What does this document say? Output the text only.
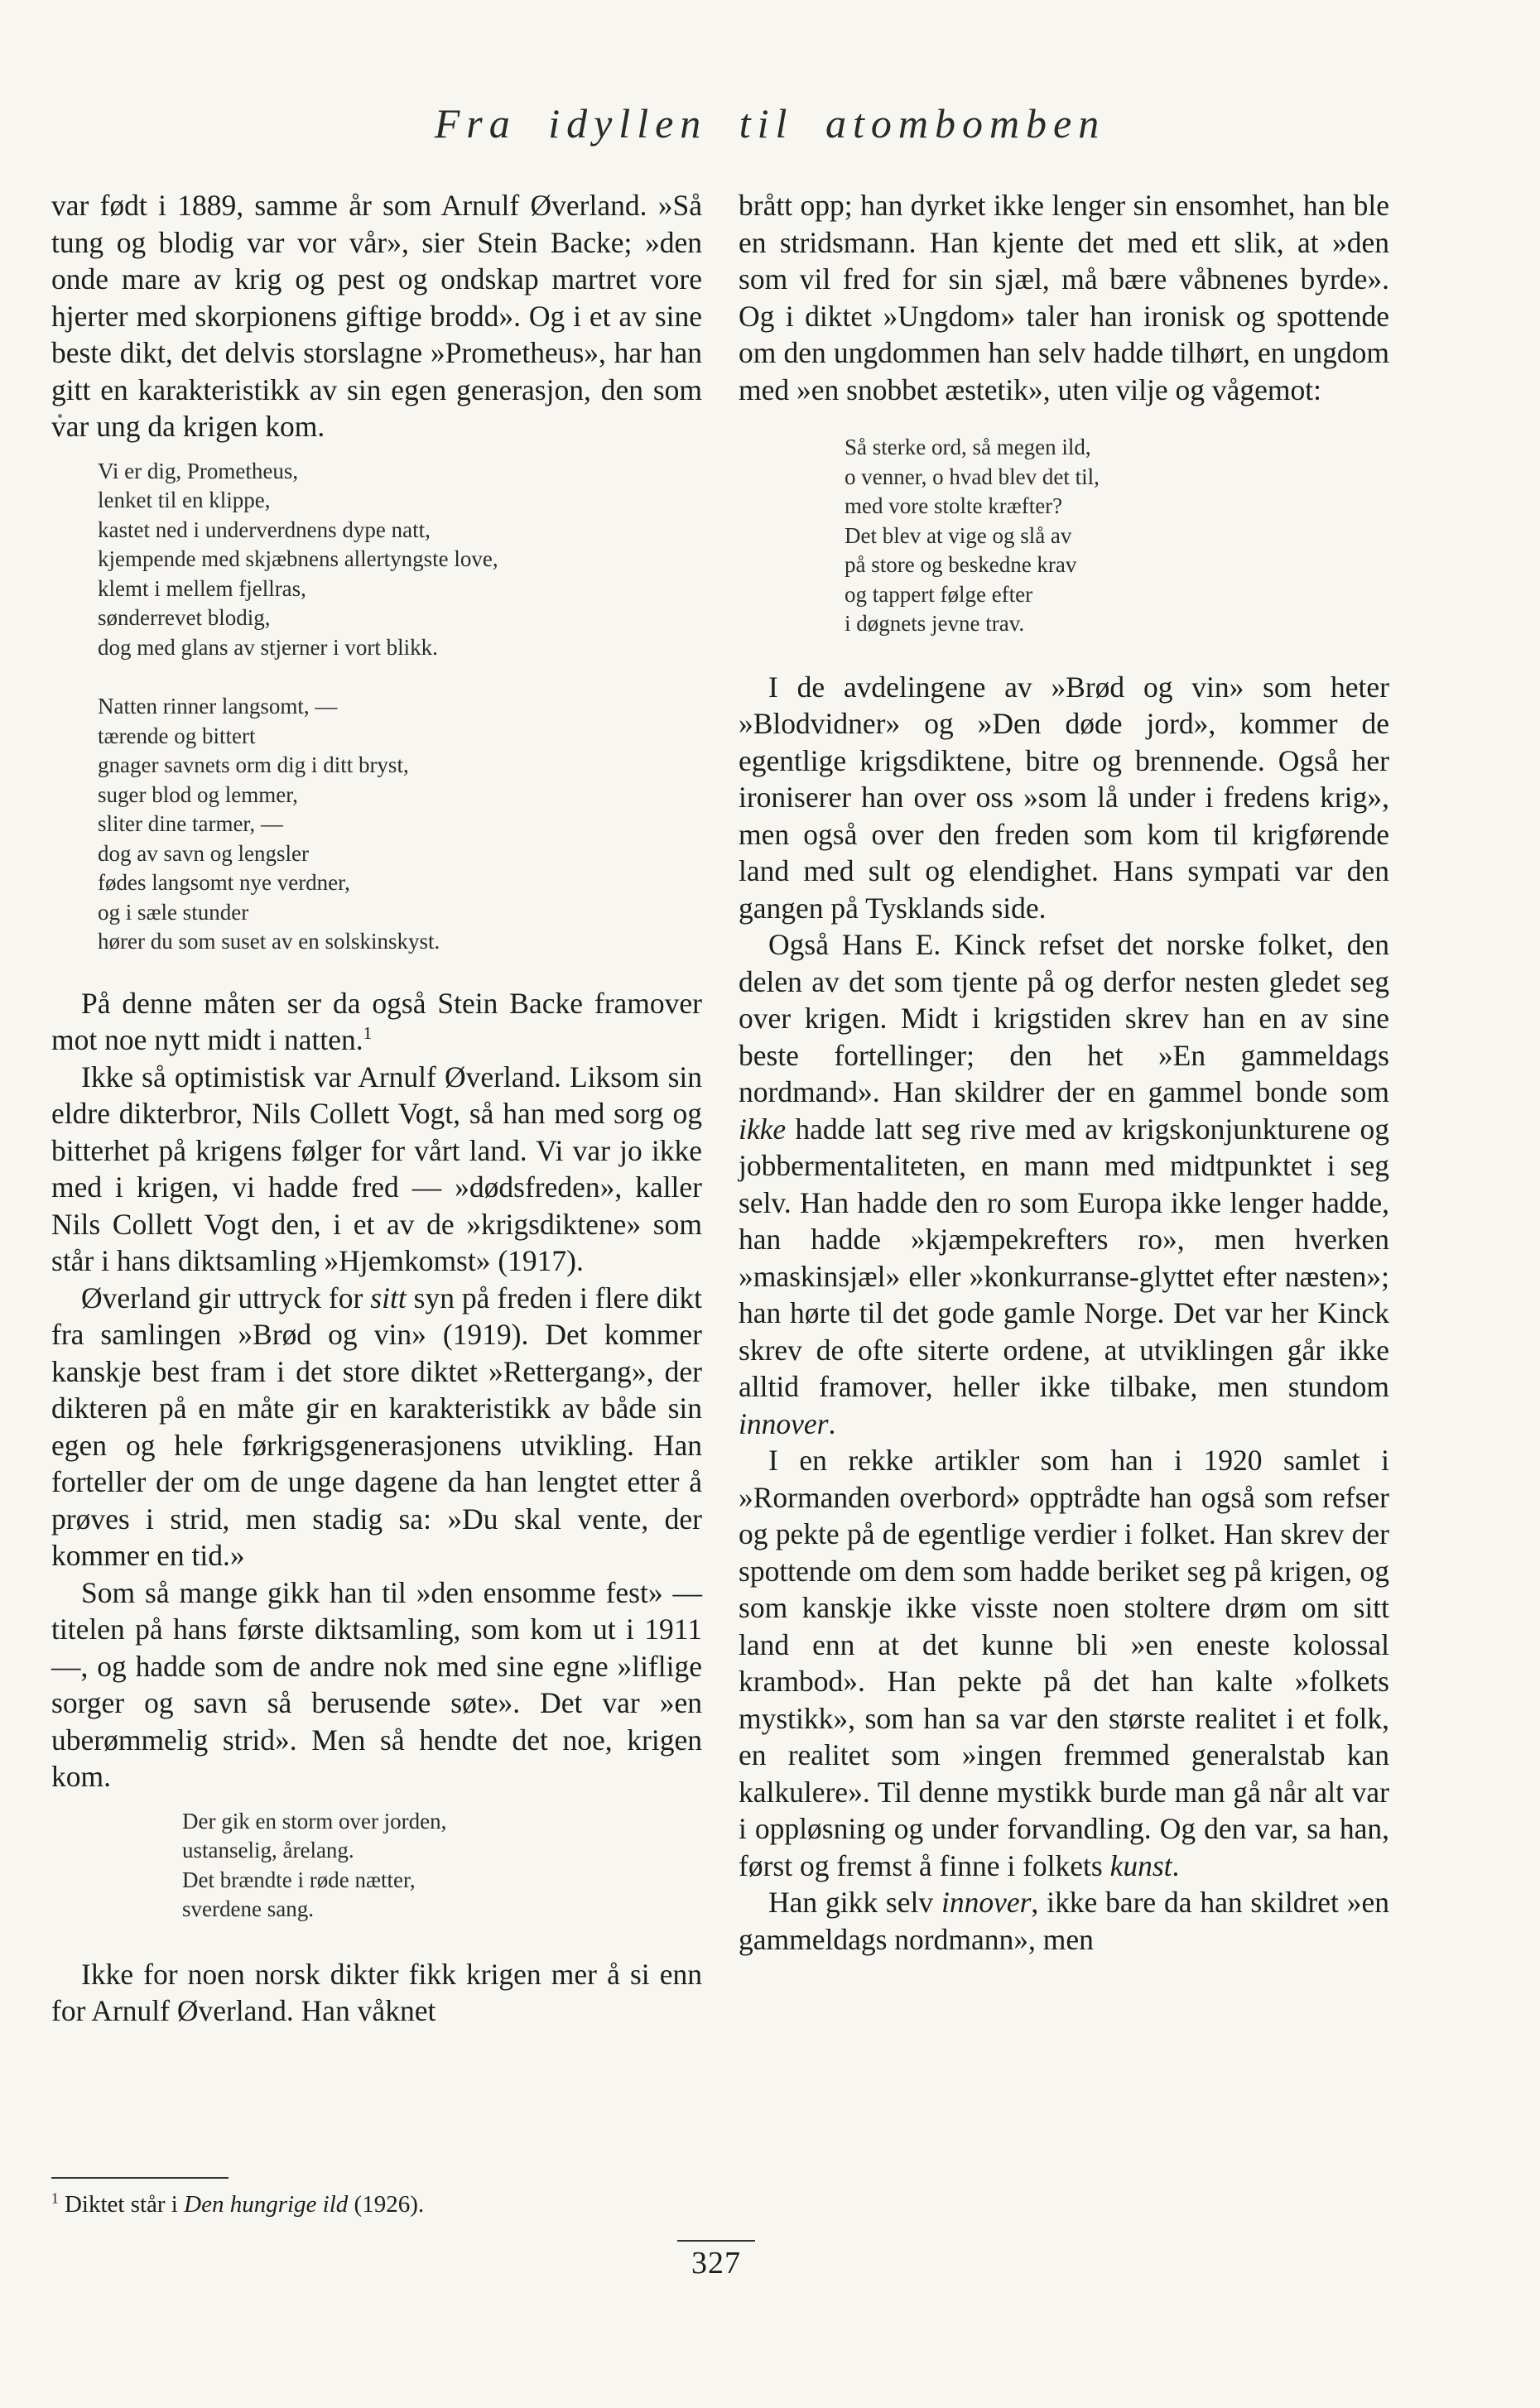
Fra idyllen til atombomben

var født i 1889, samme år som Arnulf Øverland. »Så tung og blodig var vor vår», sier Stein Backe; »den onde mare av krig og pest og ondskap martret vore hjerter med skorpionens giftige brodd». Og i et av sine beste dikt, det delvis storslagne »Prometheus», har han gitt en karakteristikk av sin egen generasjon, den som var ung da krigen kom.

Vi er dig, Prometheus,
lenket til en klippe,
kastet ned i underverdnens dype natt,
kjempende med skjæbnens allertyngste love,
klemt i mellem fjellras,
sønderrevet blodig,
dog med glans av stjerner i vort blikk.
Natten rinner langsomt, —
tærende og bittert
gnager savnets orm dig i ditt bryst,
suger blod og lemmer,
sliter dine tarmer, —
dog av savn og lengsler
fødes langsomt nye verdner,
og i sæle stunder
hører du som suset av en solskinskyst.

På denne måten ser da også Stein Backe framover mot noe nytt midt i natten.$^1$

Ikke så optimistisk var Arnulf Øverland. Liksom sin eldre dikterbror, Nils Collett Vogt, så han med sorg og bitterhet på krigens følger for vårt land. Vi var jo ikke med i krigen, vi hadde fred — »dødsfreden», kaller Nils Collett Vogt den, i et av de »krigsdiktene» som står i hans diktsamling »Hjemkomst» (1917).

Øverland gir uttryck for sitt syn på freden i flere dikt fra samlingen »Brød og vin» (1919). Det kommer kanskje best fram i det store diktet »Rettergang», der dikteren på en måte gir en karakteristikk av både sin egen og hele førkrigsgenerasjonens utvikling. Han forteller der om de unge dagene da han lengtet etter å prøves i strid, men stadig sa: »Du skal vente, der kommer en tid.»

Som så mange gikk han til »den ensomme fest» — titelen på hans første diktsamling, som kom ut i 1911 —, og hadde som de andre nok med sine egne »liflige sorger og savn så berusende søte». Det var »en uberømmelig strid». Men så hendte det noe, krigen kom.

Der gik en storm over jorden,
ustanselig, årelang.
Det brændte i røde nætter,
sverdene sang.

Ikke for noen norsk dikter fikk krigen mer å si enn for Arnulf Øverland. Han våknet

brått opp; han dyrket ikke lenger sin ensomhet, han ble en stridsmann. Han kjente det med ett slik, at »den som vil fred for sin sjæl, må bære våbnenes byrde». Og i diktet »Ungdom» taler han ironisk og spottende om den ungdommen han selv hadde tilhørt, en ungdom med »en snobbet æstetik», uten vilje og vågemot:

Så sterke ord, så megen ild,
o venner, o hvad blev det til,
med vore stolte kræfter?
Det blev at vige og slå av
på store og beskedne krav
og tappert følge efter
i døgnets jevne trav.

I de avdelingene av »Brød og vin» som heter »Blodvidner» og »Den døde jord», kommer de egentlige krigsdiktene, bitre og brennende. Også her ironiserer han over oss »som lå under i fredens krig», men også over den freden som kom til krigførende land med sult og elendighet. Hans sympati var den gangen på Tysklands side.

Også Hans E. Kinck refset det norske folket, den delen av det som tjente på og derfor nesten gledet seg over krigen. Midt i krigstiden skrev han en av sine beste fortellinger; den het »En gammeldags nordmand». Han skildrer der en gammel bonde som ikke hadde latt seg rive med av krigskonjunkturene og jobbermentaliteten, en mann med midtpunktet i seg selv. Han hadde den ro som Europa ikke lenger hadde, han hadde »kjæmpekrefters ro», men hverken »maskinsjæl» eller »konkurranse-glyttet efter næsten»; han hørte til det gode gamle Norge. Det var her Kinck skrev de ofte siterte ordene, at utviklingen går ikke alltid framover, heller ikke tilbake, men stundom innover.

I en rekke artikler som han i 1920 samlet i »Rormanden overbord» opptrådte han også som refser og pekte på de egentlige verdier i folket. Han skrev der spottende om dem som hadde beriket seg på krigen, og som kanskje ikke visste noen stoltere drøm om sitt land enn at det kunne bli »en eneste kolossal krambod». Han pekte på det han kalte »folkets mystikk», som han sa var den største realitet i et folk, en realitet som »ingen fremmed generalstab kan kalkulere». Til denne mystikk burde man gå når alt var i oppløsning og under forvandling. Og den var, sa han, først og fremst å finne i folkets kunst.

Han gikk selv innover, ikke bare da han skildret »en gammeldags nordmann», men

$^1$ Diktet står i Den hungrige ild (1926).
327
